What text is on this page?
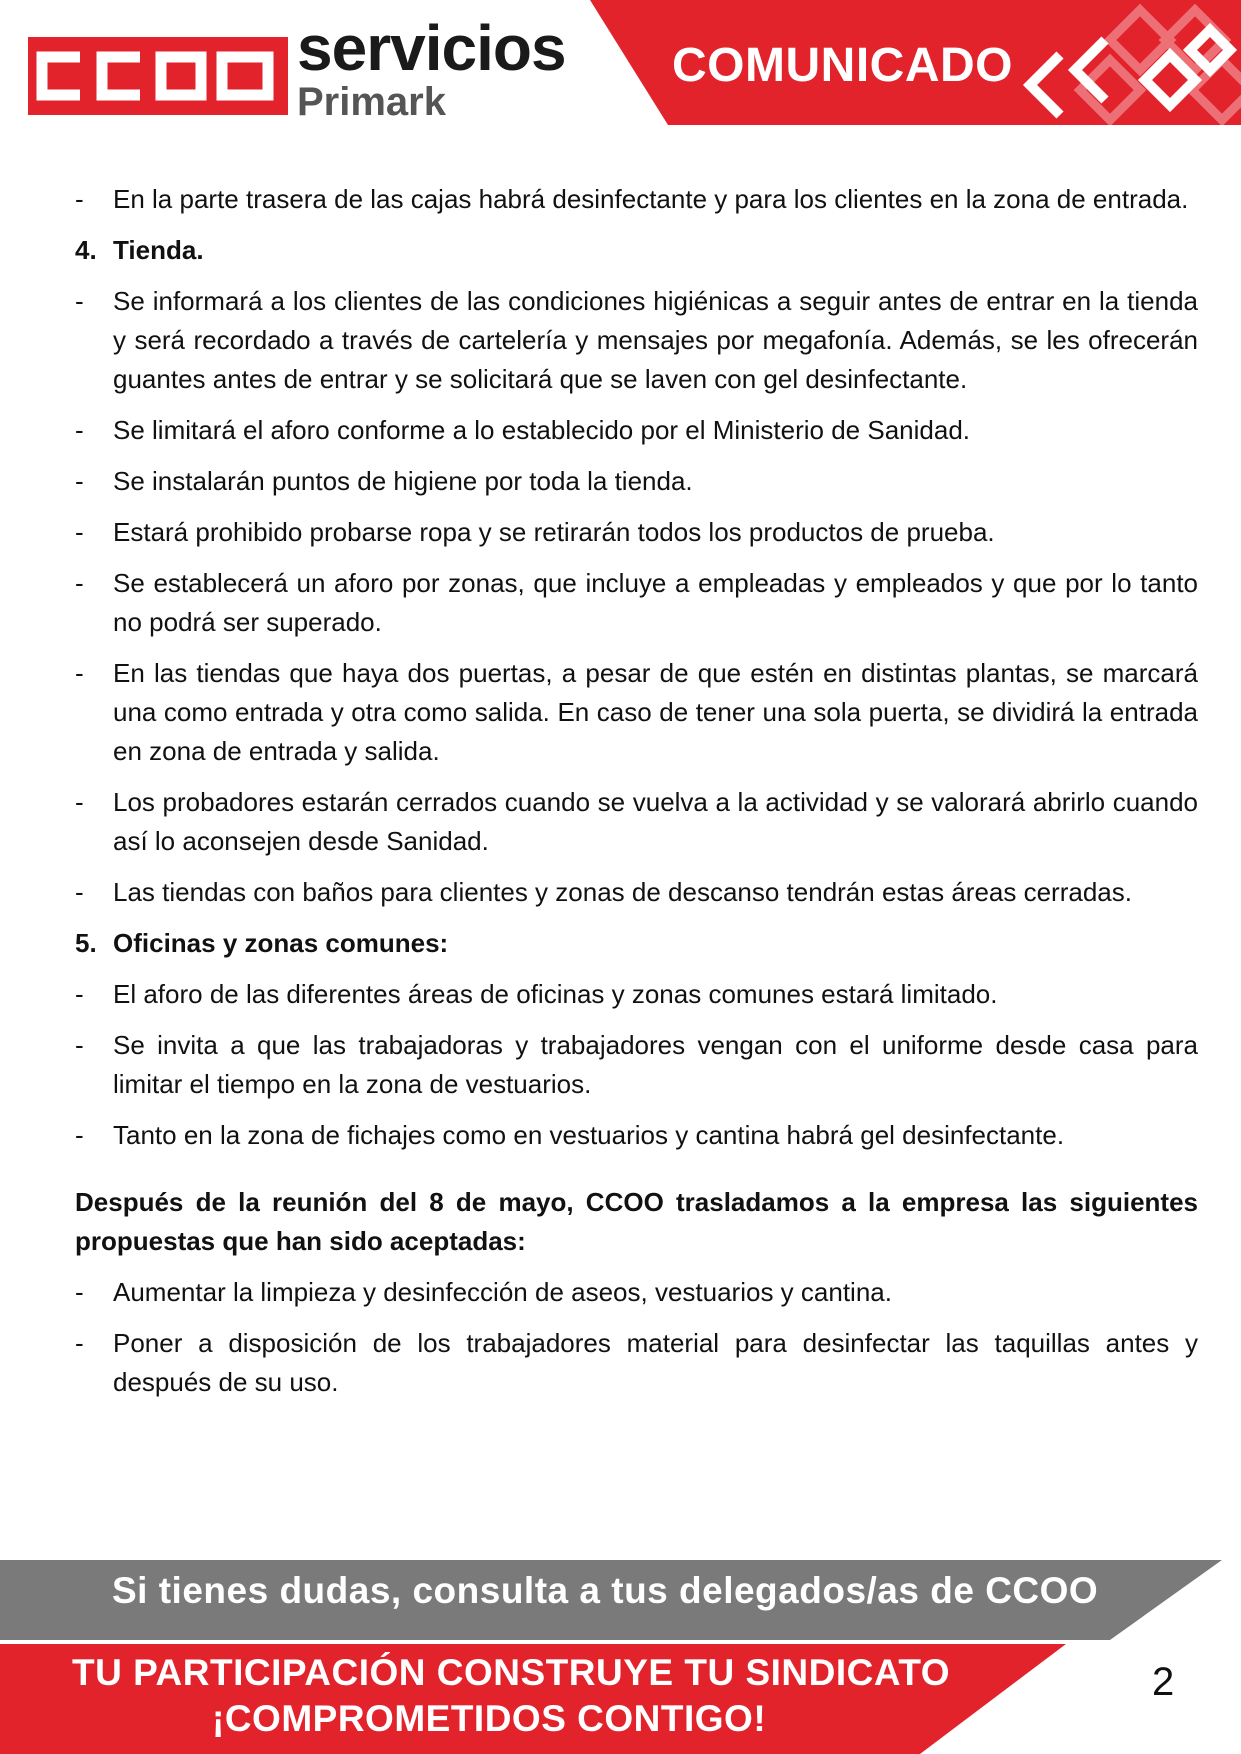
COMUNICADO
servicios
Primark
- En la parte trasera de las cajas habrá desinfectante y para los clientes en la zona de entrada.
4. Tienda.
- Se informará a los clientes de las condiciones higiénicas a seguir antes de entrar en la tienda y será recordado a través de cartelería y mensajes por megafonía. Además, se les ofrecerán guantes antes de entrar y se solicitará que se laven con gel desinfectante.
- Se limitará el aforo conforme a lo establecido por el Ministerio de Sanidad.
- Se instalarán puntos de higiene por toda la tienda.
- Estará prohibido probarse ropa y se retirarán todos los productos de prueba.
- Se establecerá un aforo por zonas, que incluye a empleadas y empleados y que por lo tanto no podrá ser superado.
- En las tiendas que haya dos puertas, a pesar de que estén en distintas plantas, se marcará una como entrada y otra como salida. En caso de tener una sola puerta, se dividirá la entrada en zona de entrada y salida.
- Los probadores estarán cerrados cuando se vuelva a la actividad y se valorará abrirlo cuando así lo aconsejen desde Sanidad.
- Las tiendas con baños para clientes y zonas de descanso tendrán estas áreas cerradas.
5. Oficinas y zonas comunes:
- El aforo de las diferentes áreas de oficinas y zonas comunes estará limitado.
- Se invita a que las trabajadoras y trabajadores vengan con el uniforme desde casa para limitar el tiempo en la zona de vestuarios.
- Tanto en la zona de fichajes como en vestuarios y cantina habrá gel desinfectante.
Después de la reunión del 8 de mayo, CCOO trasladamos a la empresa las siguientes propuestas que han sido aceptadas:
- Aumentar la limpieza y desinfección de aseos, vestuarios y cantina.
- Poner a disposición de los trabajadores material para desinfectar las taquillas antes y después de su uso.
Si tienes dudas, consulta a tus delegados/as de CCOO
TU PARTICIPACIÓN CONSTRUYE TU SINDICATO
¡COMPROMETIDOS CONTIGO!
2
